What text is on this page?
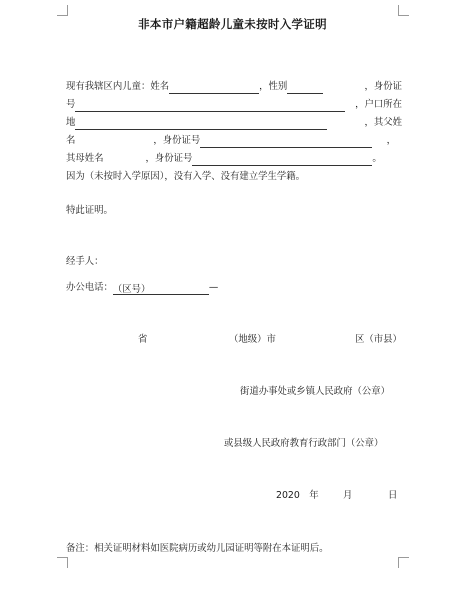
非本市户籍超龄儿童未按时入学证明
现有我辖区内儿童：姓名	，性别	，身份证
号	，户口所在
地	，其父姓
名	，身份证号	，
其母姓名	，身份证号	。
因为（未按时入学原因），没有入学、没有建立学生学籍。
特此证明。
经手人：
办公电话：（区号）	—
省	（地级）市	区（市县）
街道办事处或乡镇人民政府（公章）
或县级人民政府教育行政部门（公章）
2020　年	月	日
备注：相关证明材料如医院病历或幼儿园证明等附在本证明后。
